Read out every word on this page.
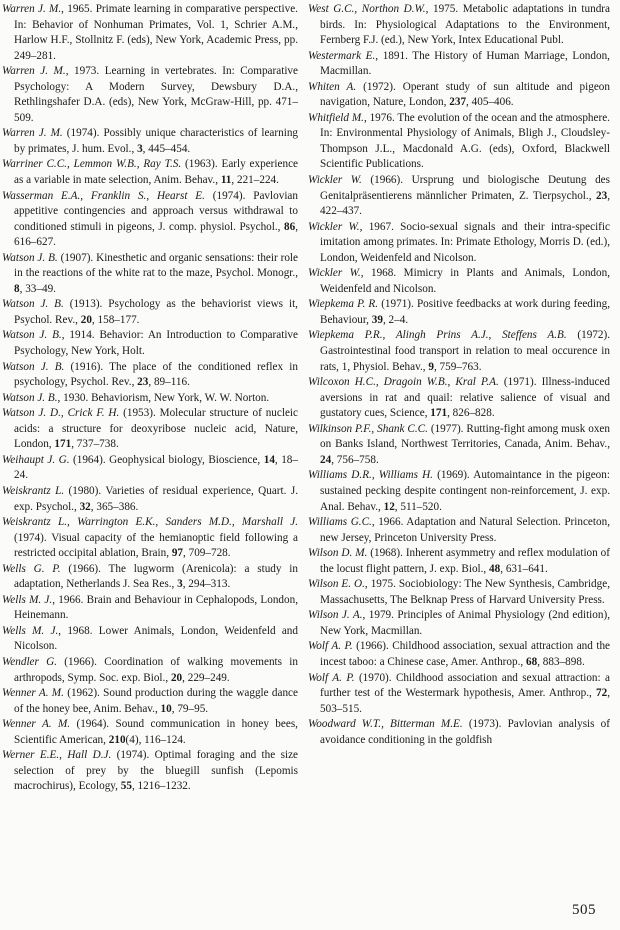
Warren J. M., 1965. Primate learning in comparative perspective. In: Behavior of Nonhuman Primates, Vol. 1, Schrier A.M., Harlow H.F., Stollnitz F. (eds), New York, Academic Press, pp. 249–281.

Warren J. M., 1973. Learning in vertebrates. In: Comparative Psychology: A Modern Survey, Dewsbury D.A., Rethlingshafer D.A. (eds), New York, McGraw-Hill, pp. 471–509.

Warren J. M. (1974). Possibly unique characteristics of learning by primates, J. hum. Evol., 3, 445–454.

Warriner C.C., Lemmon W.B., Ray T.S. (1963). Early experience as a variable in mate selection, Anim. Behav., 11, 221–224.

Wasserman E.A., Franklin S., Hearst E. (1974). Pavlovian appetitive contingencies and approach versus withdrawal to conditioned stimuli in pigeons, J. comp. physiol. Psychol., 86, 616–627.

Watson J. B. (1907). Kinesthetic and organic sensations: their role in the reactions of the white rat to the maze, Psychol. Monogr., 8, 33–49.

Watson J. B. (1913). Psychology as the behaviorist views it, Psychol. Rev., 20, 158–177.

Watson J. B., 1914. Behavior: An Introduction to Comparative Psychology, New York, Holt.

Watson J. B. (1916). The place of the conditioned reflex in psychology, Psychol. Rev., 23, 89–116.

Watson J. B., 1930. Behaviorism, New York, W. W. Norton.

Watson J. D., Crick F. H. (1953). Molecular structure of nucleic acids: a structure for deoxyribose nucleic acid, Nature, London, 171, 737–738.

Weihaupt J. G. (1964). Geophysical biology, Bioscience, 14, 18–24.

Weiskrantz L. (1980). Varieties of residual experience, Quart. J. exp. Psychol., 32, 365–386.

Weiskrantz L., Warrington E.K., Sanders M.D., Marshall J. (1974). Visual capacity of the hemianoptic field following a restricted occipital ablation, Brain, 97, 709–728.

Wells G. P. (1966). The lugworm (Arenicola): a study in adaptation, Netherlands J. Sea Res., 3, 294–313.

Wells M. J., 1966. Brain and Behaviour in Cephalopods, London, Heinemann.

Wells M. J., 1968. Lower Animals, London, Weidenfeld and Nicolson.

Wendler G. (1966). Coordination of walking movements in arthropods, Symp. Soc. exp. Biol., 20, 229–249.

Wenner A. M. (1962). Sound production during the waggle dance of the honey bee, Anim. Behav., 10, 79–95.

Wenner A. M. (1964). Sound communication in honey bees, Scientific American, 210(4), 116–124.

Werner E.E., Hall D.J. (1974). Optimal foraging and the size selection of prey by the bluegill sunfish (Lepomis macrochirus), Ecology, 55, 1216–1232.

West G.C., Northon D.W., 1975. Metabolic adaptations in tundra birds. In: Physiological Adaptations to the Environment, Fernberg F.J. (ed.), New York, Intex Educational Publ.

Westermark E., 1891. The History of Human Marriage, London, Macmillan.

Whiten A. (1972). Operant study of sun altitude and pigeon navigation, Nature, London, 237, 405–406.

Whitfield M., 1976. The evolution of the ocean and the atmosphere. In: Environmental Physiology of Animals, Bligh J., Cloudsley-Thompson J.L., Macdonald A.G. (eds), Oxford, Blackwell Scientific Publications.

Wickler W. (1966). Ursprung und biologische Deutung des Genitalpräsentierens männlicher Primaten, Z. Tierpsychol., 23, 422–437.

Wickler W., 1967. Socio-sexual signals and their intra-specific imitation among primates. In: Primate Ethology, Morris D. (ed.), London, Weidenfeld and Nicolson.

Wickler W., 1968. Mimicry in Plants and Animals, London, Weidenfeld and Nicolson.

Wiepkema P. R. (1971). Positive feedbacks at work during feeding, Behaviour, 39, 2–4.

Wiepkema P.R., Alingh Prins A.J., Steffens A.B. (1972). Gastrointestinal food transport in relation to meal occurence in rats, 1, Physiol. Behav., 9, 759–763.

Wilcoxon H.C., Dragoin W.B., Kral P.A. (1971). Illness-induced aversions in rat and quail: relative salience of visual and gustatory cues, Science, 171, 826–828.

Wilkinson P.F., Shank C.C. (1977). Rutting-fight among musk oxen on Banks Island, Northwest Territories, Canada, Anim. Behav., 24, 756–758.

Williams D.R., Williams H. (1969). Automaintance in the pigeon: sustained pecking despite contingent non-reinforcement, J. exp. Anal. Behav., 12, 511–520.

Williams G.C., 1966. Adaptation and Natural Selection. Princeton, new Jersey, Princeton University Press.

Wilson D. M. (1968). Inherent asymmetry and reflex modulation of the locust flight pattern, J. exp. Biol., 48, 631–641.

Wilson E. O., 1975. Sociobiology: The New Synthesis, Cambridge, Massachusetts, The Belknap Press of Harvard University Press.

Wilson J. A., 1979. Principles of Animal Physiology (2nd edition), New York, Macmillan.

Wolf A. P. (1966). Childhood association, sexual attraction and the incest taboo: a Chinese case, Amer. Anthrop., 68, 883–898.

Wolf A. P. (1970). Childhood association and sexual attraction: a further test of the Westermark hypothesis, Amer. Anthrop., 72, 503–515.

Woodward W.T., Bitterman M.E. (1973). Pavlovian analysis of avoidance conditioning in the goldfish

505
